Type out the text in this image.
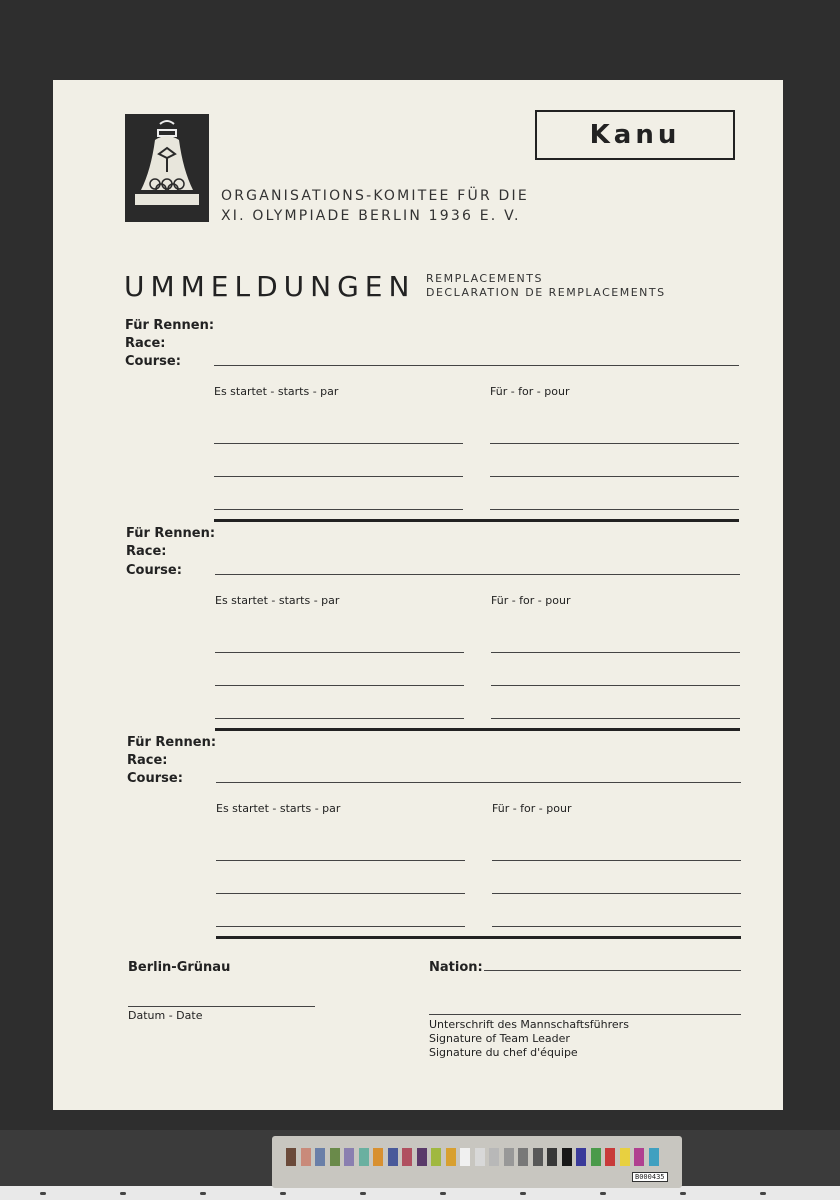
Kanu
ORGANISATIONS-KOMITEE FÜR DIE
XI. OLYMPIADE BERLIN 1936 E. V.
UMMELDUNGEN REMPLACEMENTS
DECLARATION DE REMPLACEMENTS
Für Rennen:
Race:
Course:
Es startet - starts - par	Für - for - pour
Für Rennen:
Race:
Course:
Es startet - starts - par	Für - for - pour
Für Rennen:
Race:
Course:
Es startet - starts - par	Für - for - pour
Berlin-Grünau	Nation:
Datum - Date
Unterschrift des Mannschaftsführers
Signature of Team Leader
Signature du chef d'équipe
B000435
